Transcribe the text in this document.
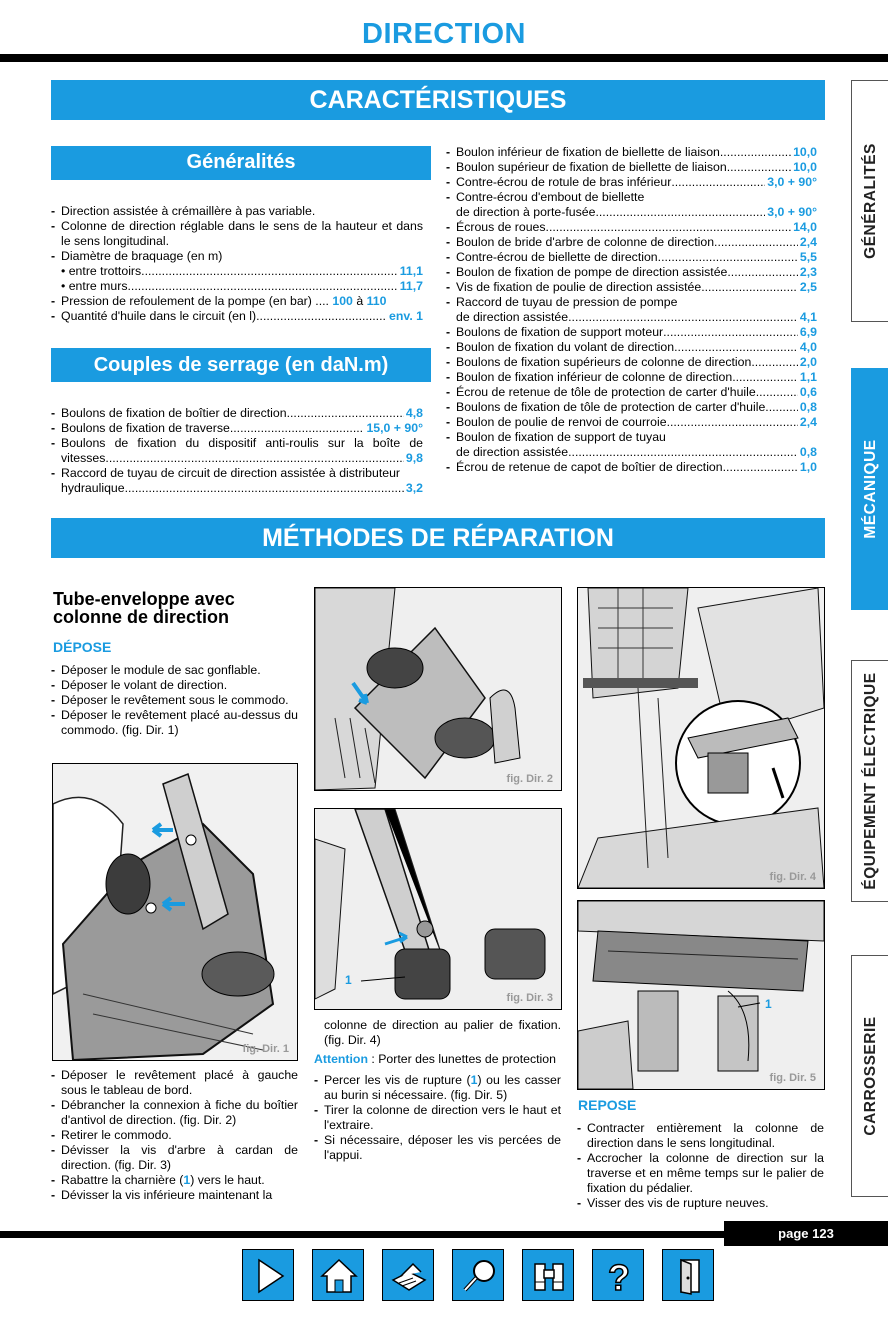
DIRECTION
CARACTÉRISTIQUES
Généralités
- Direction assistée à crémaillère à pas variable.
- Colonne de direction réglable dans le sens de la hauteur et dans le sens longitudinal.
- Diamètre de braquage (en m)
• entre trottoirs .....	11,1
• entre murs .....	11,7
- Pression de refoulement de la pompe (en bar) .... 100 à 110
- Quantité d'huile dans le circuit (en l) .....	env. 1
Couples de serrage (en daN.m)
- Boulons de fixation de boîtier de direction .....	4,8
- Boulons de fixation de traverse .....	15,0 + 90°
- Boulons de fixation du dispositif anti-roulis sur la boîte de
vitesses .....	9,8
- Raccord de tuyau de circuit de direction assistée à distributeur
hydraulique .....	3,2
- Boulon inférieur de fixation de biellette de liaison .....	10,0
- Boulon supérieur de fixation de biellette de liaison .....	10,0
- Contre-écrou de rotule de bras inférieur .....	3,0 + 90°
- Contre-écrou d'embout de biellette
de direction à porte-fusée .....	3,0 + 90°
- Écrous de roues .....	14,0
- Boulon de bride d'arbre de colonne de direction .....	2,4
- Contre-écrou de biellette de direction .....	5,5
- Boulon de fixation de pompe de direction assistée .....	2,3
- Vis de fixation de poulie de direction assistée .....	2,5
- Raccord de tuyau de pression de pompe
de direction assistée .....	4,1
- Boulons de fixation de support moteur .....	6,9
- Boulon de fixation du volant de direction .....	4,0
- Boulons de fixation supérieurs de colonne de direction .....	2,0
- Boulon de fixation inférieur de colonne de direction .....	1,1
- Écrou de retenue de tôle de protection de carter d'huile .....	0,6
- Boulons de fixation de tôle de protection de carter d'huile .....	0,8
- Boulon de poulie de renvoi de courroie .....	2,4
- Boulon de fixation de support de tuyau
de direction assistée .....	0,8
- Écrou de retenue de capot de boîtier de direction .....	1,0
MÉTHODES DE RÉPARATION
Tube-enveloppe avec
colonne de direction
DÉPOSE
- Déposer le module de sac gonflable.
- Déposer le volant de direction.
- Déposer le revêtement sous le commodo.
- Déposer le revêtement placé au-dessus du commodo. (fig. Dir. 1)
fig. Dir. 1
- Déposer le revêtement placé à gauche sous le tableau de bord.
- Débrancher la connexion à fiche du boîtier d'antivol de direction. (fig. Dir. 2)
- Retirer le commodo.
- Dévisser la vis d'arbre à cardan de direction. (fig. Dir. 3)
- Rabattre la charnière (1) vers le haut.
- Dévisser la vis inférieure maintenant la
fig. Dir. 2
1
fig. Dir. 3
colonne de direction au palier de fixation. (fig. Dir. 4)
Attention : Porter des lunettes de protection
- Percer les vis de rupture (1) ou les casser au burin si nécessaire. (fig. Dir. 5)
- Tirer la colonne de direction vers le haut et l'extraire.
- Si nécessaire, déposer les vis percées de l'appui.
fig. Dir. 4
1
fig. Dir. 5
REPOSE
- Contracter entièrement la colonne de direction dans le sens longitudinal.
- Accrocher la colonne de direction sur la traverse et en même temps sur le palier de fixation du pédalier.
- Visser des vis de rupture neuves.
GÉNÉRALITÉS
MÉCANIQUE
ÉQUIPEMENT ÉLECTRIQUE
CARROSSERIE
page 123
?
